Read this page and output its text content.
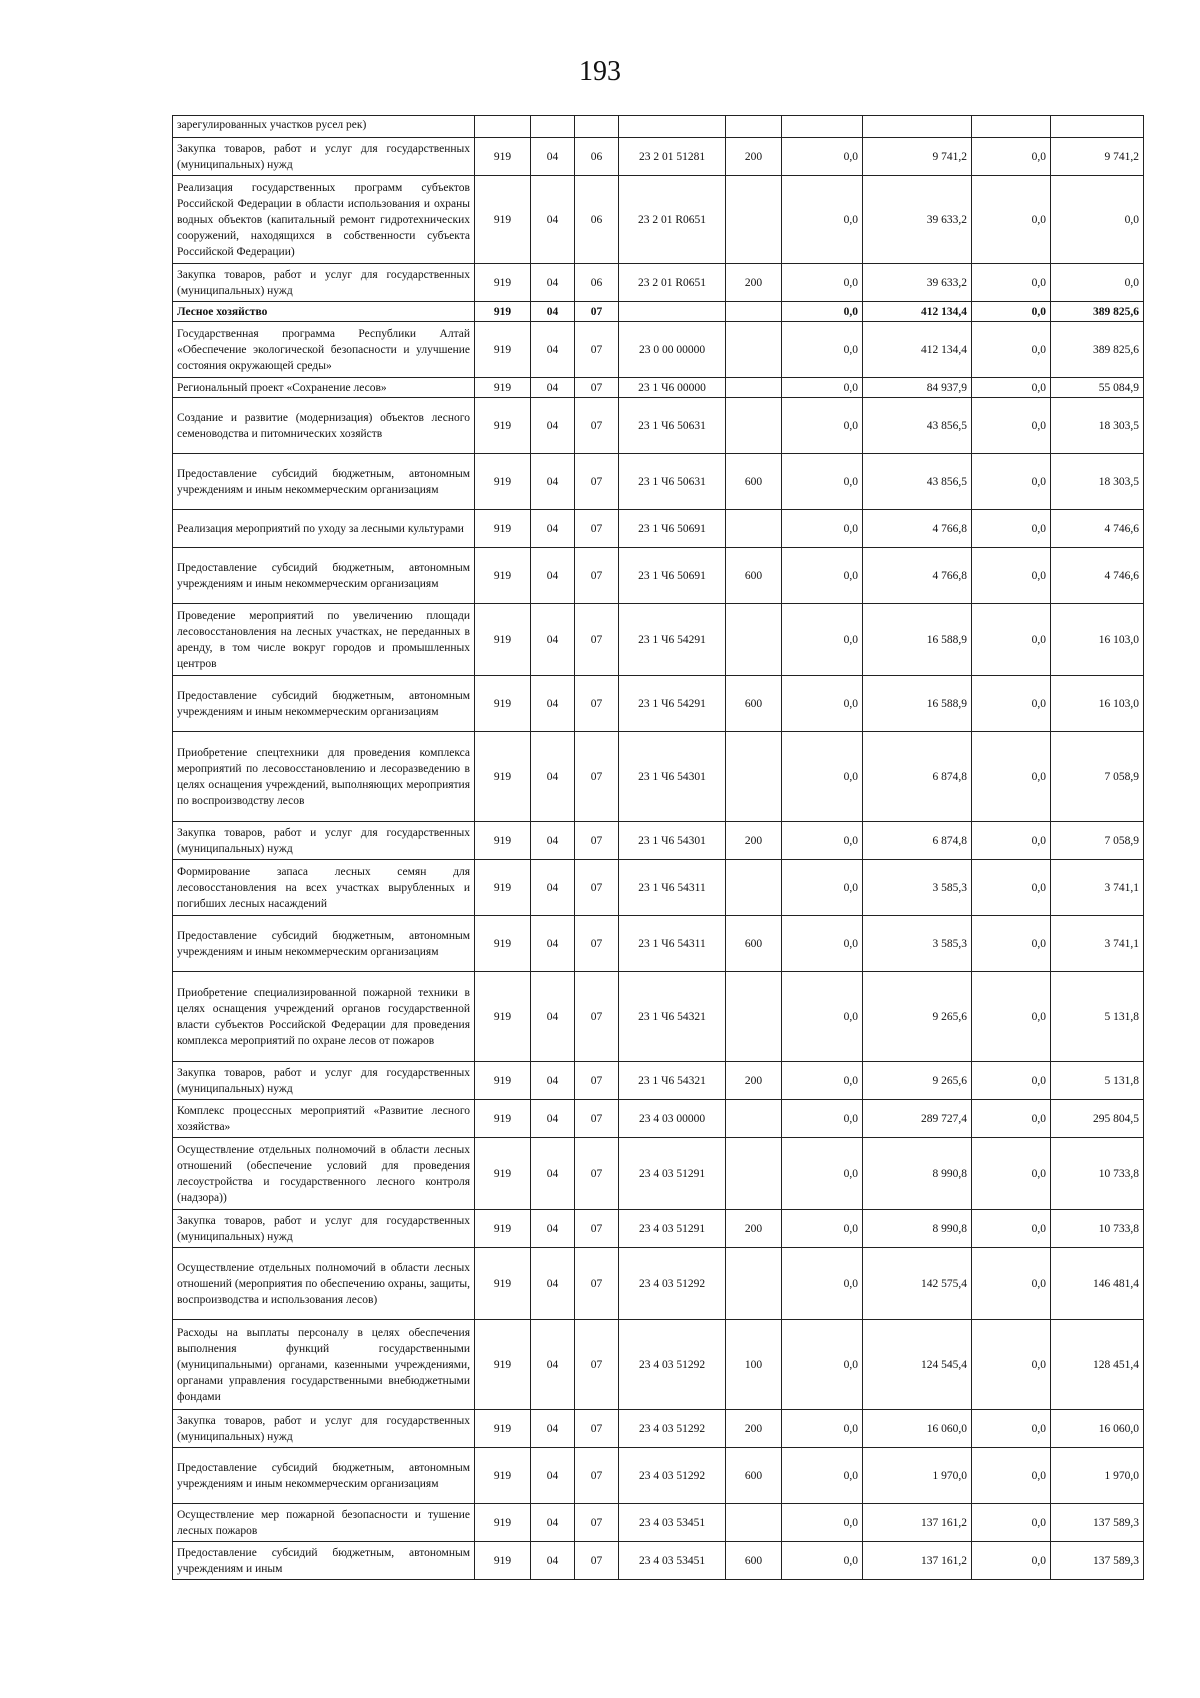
193
зарегулированных участков русел рек)									
Закупка товаров, работ и услуг для государственных (муниципальных) нужд	919	04	06	23 2 01 51281	200	0,0	9 741,2	0,0	9 741,2
Реализация государственных программ субъектов Российской Федерации в области использования и охраны водных объектов (капитальный ремонт гидротехнических сооружений, находящихся в собственности субъекта Российской Федерации)	919	04	06	23 2 01 R0651		0,0	39 633,2	0,0	0,0
Закупка товаров, работ и услуг для государственных (муниципальных) нужд	919	04	06	23 2 01 R0651	200	0,0	39 633,2	0,0	0,0
Лесное хозяйство	919	04	07			0,0	412 134,4	0,0	389 825,6
Государственная программа Республики Алтай «Обеспечение экологической безопасности и улучшение состояния окружающей среды»	919	04	07	23 0 00 00000		0,0	412 134,4	0,0	389 825,6
Региональный проект «Сохранение лесов»	919	04	07	23 1 Ч6 00000		0,0	84 937,9	0,0	55 084,9
Создание и развитие (модернизация) объектов лесного семеноводства и питомнических хозяйств	919	04	07	23 1 Ч6 50631		0,0	43 856,5	0,0	18 303,5
Предоставление субсидий бюджетным, автономным учреждениям и иным некоммерческим организациям	919	04	07	23 1 Ч6 50631	600	0,0	43 856,5	0,0	18 303,5
Реализация мероприятий по уходу за лесными культурами	919	04	07	23 1 Ч6 50691		0,0	4 766,8	0,0	4 746,6
Предоставление субсидий бюджетным, автономным учреждениям и иным некоммерческим организациям	919	04	07	23 1 Ч6 50691	600	0,0	4 766,8	0,0	4 746,6
Проведение мероприятий по увеличению площади лесовосстановления на лесных участках, не переданных в аренду, в том числе вокруг городов и промышленных центров	919	04	07	23 1 Ч6 54291		0,0	16 588,9	0,0	16 103,0
Предоставление субсидий бюджетным, автономным учреждениям и иным некоммерческим организациям	919	04	07	23 1 Ч6 54291	600	0,0	16 588,9	0,0	16 103,0
Приобретение спецтехники для проведения комплекса мероприятий по лесовосстановлению и лесоразведению в целях оснащения учреждений, выполняющих мероприятия по воспроизводству лесов	919	04	07	23 1 Ч6 54301		0,0	6 874,8	0,0	7 058,9
Закупка товаров, работ и услуг для государственных (муниципальных) нужд	919	04	07	23 1 Ч6 54301	200	0,0	6 874,8	0,0	7 058,9
Формирование запаса лесных семян для лесовосстановления на всех участках вырубленных и погибших лесных насаждений	919	04	07	23 1 Ч6 54311		0,0	3 585,3	0,0	3 741,1
Предоставление субсидий бюджетным, автономным учреждениям и иным некоммерческим организациям	919	04	07	23 1 Ч6 54311	600	0,0	3 585,3	0,0	3 741,1
Приобретение специализированной пожарной техники в целях оснащения учреждений органов государственной власти субъектов Российской Федерации для проведения комплекса мероприятий по охране лесов от пожаров	919	04	07	23 1 Ч6 54321		0,0	9 265,6	0,0	5 131,8
Закупка товаров, работ и услуг для государственных (муниципальных) нужд	919	04	07	23 1 Ч6 54321	200	0,0	9 265,6	0,0	5 131,8
Комплекс процессных мероприятий «Развитие лесного хозяйства»	919	04	07	23 4 03 00000		0,0	289 727,4	0,0	295 804,5
Осуществление отдельных полномочий в области лесных отношений (обеспечение условий для проведения лесоустройства и государственного лесного контроля (надзора))	919	04	07	23 4 03 51291		0,0	8 990,8	0,0	10 733,8
Закупка товаров, работ и услуг для государственных (муниципальных) нужд	919	04	07	23 4 03 51291	200	0,0	8 990,8	0,0	10 733,8
Осуществление отдельных полномочий в области лесных отношений (мероприятия по обеспечению охраны, защиты, воспроизводства и использования лесов)	919	04	07	23 4 03 51292		0,0	142 575,4	0,0	146 481,4
Расходы на выплаты персоналу в целях обеспечения выполнения функций государственными (муниципальными) органами, казенными учреждениями, органами управления государственными внебюджетными фондами	919	04	07	23 4 03 51292	100	0,0	124 545,4	0,0	128 451,4
Закупка товаров, работ и услуг для государственных (муниципальных) нужд	919	04	07	23 4 03 51292	200	0,0	16 060,0	0,0	16 060,0
Предоставление субсидий бюджетным, автономным учреждениям и иным некоммерческим организациям	919	04	07	23 4 03 51292	600	0,0	1 970,0	0,0	1 970,0
Осуществление мер пожарной безопасности и тушение лесных пожаров	919	04	07	23 4 03 53451		0,0	137 161,2	0,0	137 589,3
Предоставление субсидий бюджетным, автономным учреждениям и иным	919	04	07	23 4 03 53451	600	0,0	137 161,2	0,0	137 589,3
